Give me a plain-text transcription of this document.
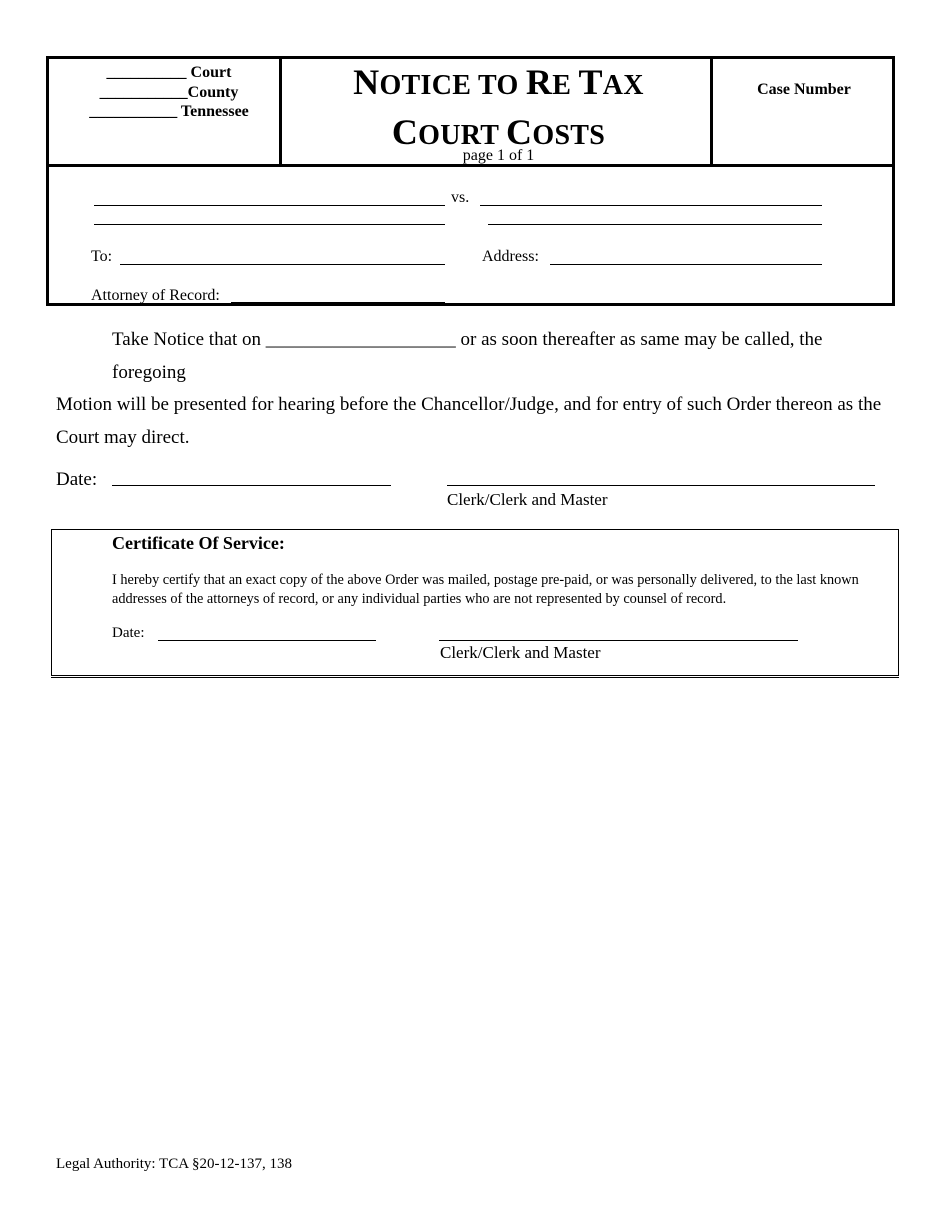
__________ Court
___________County
___________ Tennessee
NOTICE TO RE TAX
COURT COSTS
page 1 of 1
Case Number
vs.
To:	Address:
Attorney of Record:
Take Notice that on ____________________ or as soon thereafter as same may be called, the foregoing
Motion will be presented for hearing before the Chancellor/Judge, and for entry of such Order thereon as the
Court may direct.
Date:
Clerk/Clerk and Master
Certificate Of Service:
I hereby certify that an exact copy of the above Order was mailed, postage pre-paid, or was personally delivered, to the last known addresses of the attorneys of record, or any individual parties who are not represented by counsel of record.
Date:
Clerk/Clerk and Master
Legal Authority: TCA §20-12-137, 138
